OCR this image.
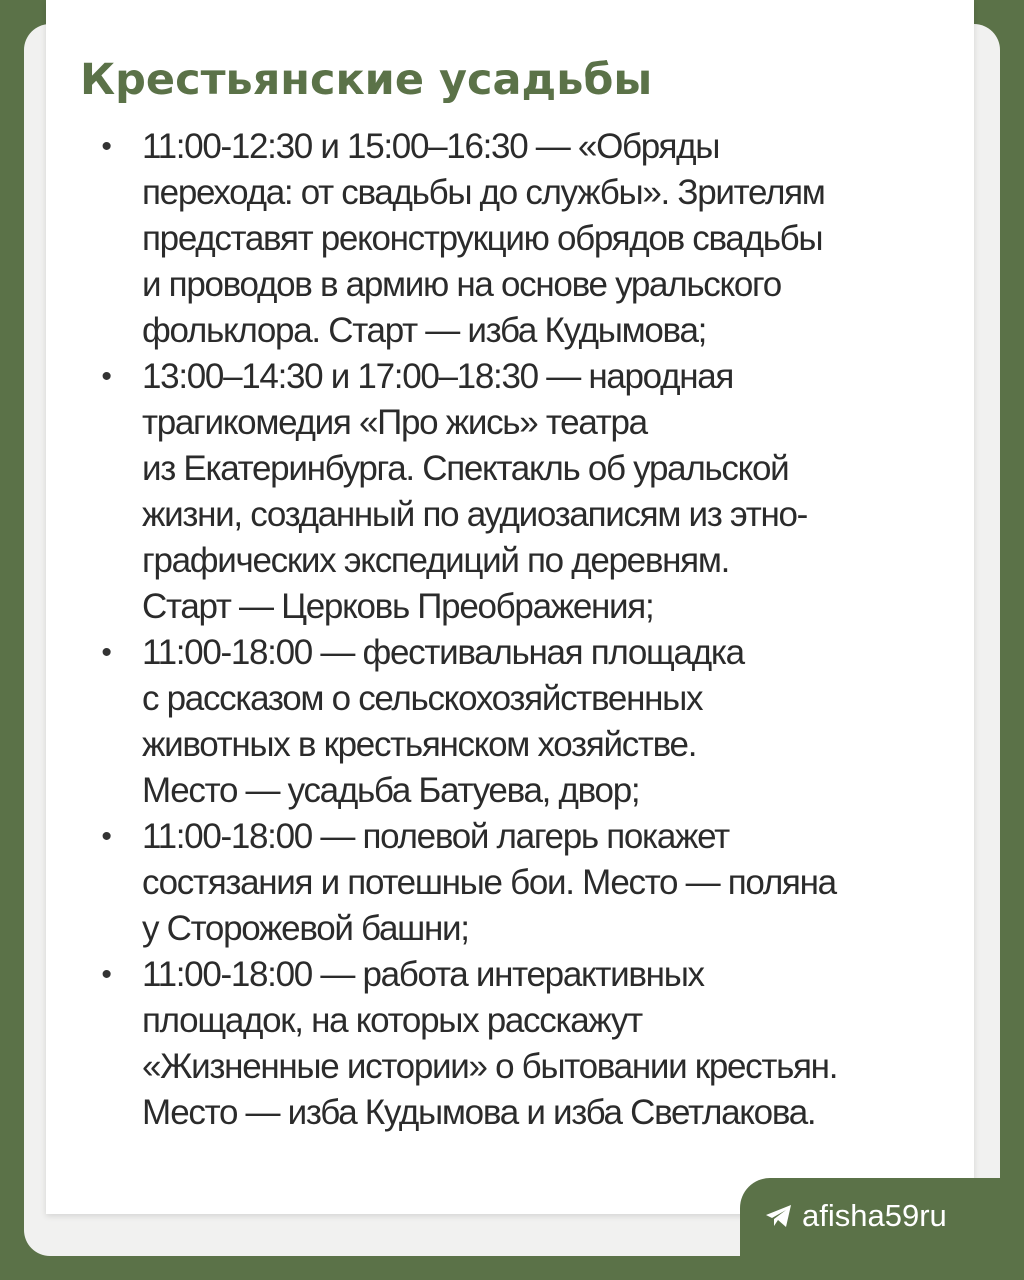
Крестьянские усадьбы
• 11:00-12:30 и 15:00–16:30 — «Обряды
перехода: от свадьбы до службы». Зрителям
представят реконструкцию обрядов свадьбы
и проводов в армию на основе уральского
фольклора. Старт — изба Кудымова;
• 13:00–14:30 и 17:00–18:30 — народная
трагикомедия «Про жись» театра
из Екатеринбурга. Спектакль об уральской
жизни, созданный по аудиозаписям из этно-
графических экспедиций по деревням.
Старт — Церковь Преображения;
• 11:00-18:00 — фестивальная площадка
с рассказом о сельскохозяйственных
животных в крестьянском хозяйстве.
Место — усадьба Батуева, двор;
• 11:00-18:00 — полевой лагерь покажет
состязания и потешные бои. Место — поляна
у Сторожевой башни;
• 11:00-18:00 — работа интерактивных
площадок, на которых расскажут
«Жизненные истории» о бытовании крестьян.
Место — изба Кудымова и изба Светлакова.
afisha59ru
